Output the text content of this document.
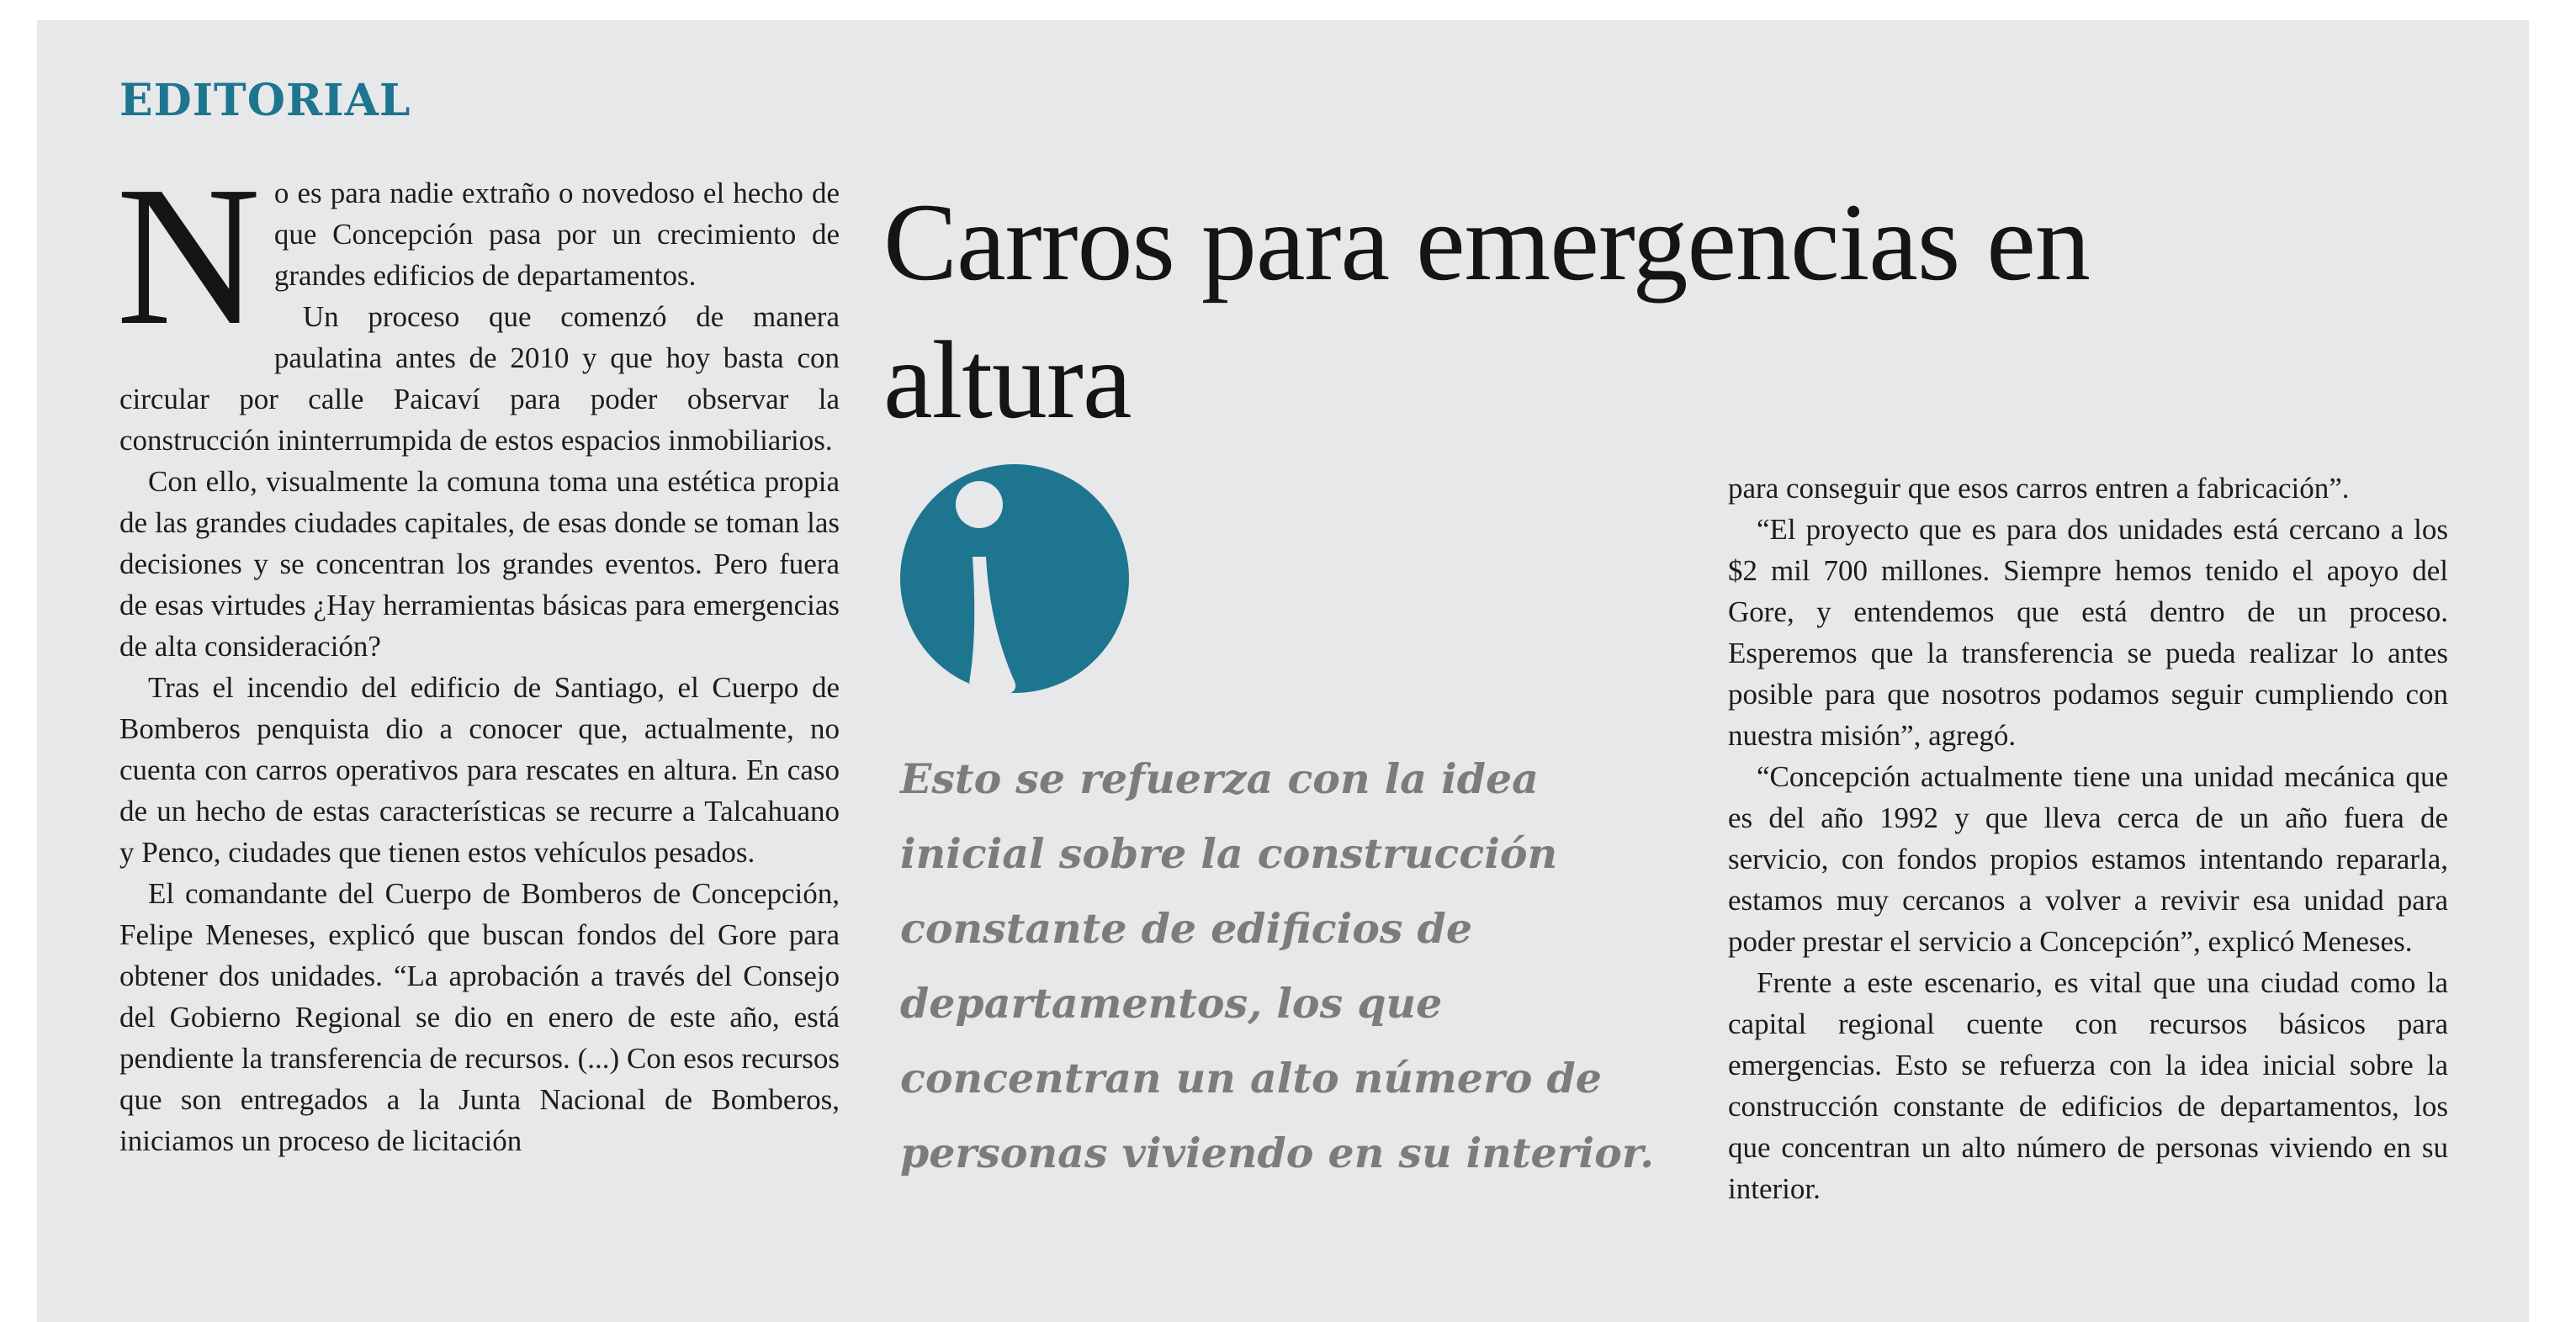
EDITORIAL

No es para nadie extraño o novedoso el hecho de que Concepción pasa por un crecimiento de grandes edificios de departamentos.

Un proceso que comenzó de manera paulatina antes de 2010 y que hoy basta con circular por calle Paicaví para poder observar la construcción ininterrumpida de estos espacios inmobiliarios.

Con ello, visualmente la comuna toma una estética propia de las grandes ciudades capitales, de esas donde se toman las decisiones y se concentran los grandes eventos. Pero fuera de esas virtudes ¿Hay herramientas básicas para emergencias de alta consideración?

Tras el incendio del edificio de Santiago, el Cuerpo de Bomberos penquista dio a conocer que, actualmente, no cuenta con carros operativos para rescates en altura. En caso de un hecho de estas características se recurre a Talcahuano y Penco, ciudades que tienen estos vehículos pesados.

El comandante del Cuerpo de Bomberos de Concepción, Felipe Meneses, explicó que buscan fondos del Gore para obtener dos unidades. “La aprobación a través del Consejo del Gobierno Regional se dio en enero de este año, está pendiente la transferencia de recursos. (...) Con esos recursos que son entregados a la Junta Nacional de Bomberos, iniciamos un proceso de licitación

Carros para emergencias en altura

Esto se refuerza con la idea inicial sobre la construcción constante de edificios de departamentos, los que concentran un alto número de personas viviendo en su interior.

para conseguir que esos carros entren a fabricación”.

“El proyecto que es para dos unidades está cercano a los $2 mil 700 millones. Siempre hemos tenido el apoyo del Gore, y entendemos que está dentro de un proceso. Esperemos que la transferencia se pueda realizar lo antes posible para que nosotros podamos seguir cumpliendo con nuestra misión”, agregó.

“Concepción actualmente tiene una unidad mecánica que es del año 1992 y que lleva cerca de un año fuera de servicio, con fondos propios estamos intentando repararla, estamos muy cercanos a volver a revivir esa unidad para poder prestar el servicio a Concepción”, explicó Meneses.

Frente a este escenario, es vital que una ciudad como la capital regional cuente con recursos básicos para emergencias. Esto se refuerza con la idea inicial sobre la construcción constante de edificios de departamentos, los que concentran un alto número de personas viviendo en su interior.
